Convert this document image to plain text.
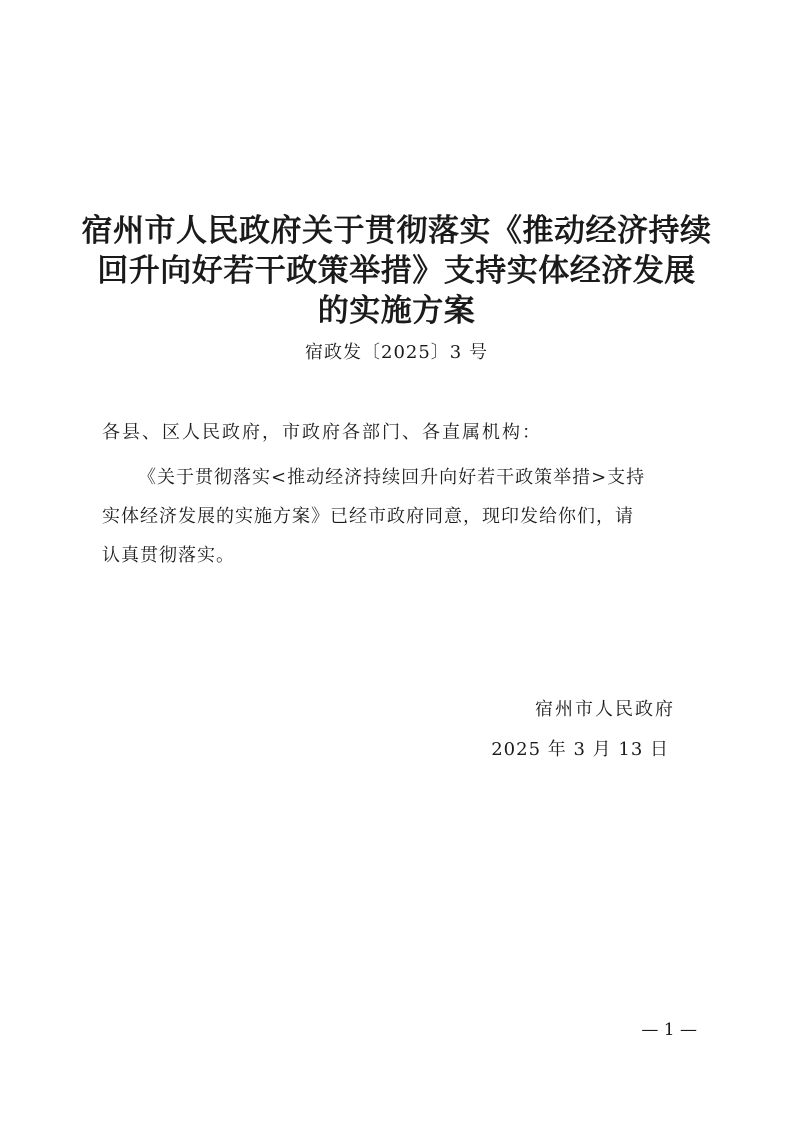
宿州市人民政府关于贯彻落实《推动经济持续
回升向好若干政策举措》支持实体经济发展
的实施方案
宿政发〔2025〕3 号
各县、区人民政府，市政府各部门、各直属机构：
《关于贯彻落实<推动经济持续回升向好若干政策举措>支持
实体经济发展的实施方案》已经市政府同意，现印发给你们，请
认真贯彻落实。
宿州市人民政府
2025 年 3 月 13 日
— 1 —
